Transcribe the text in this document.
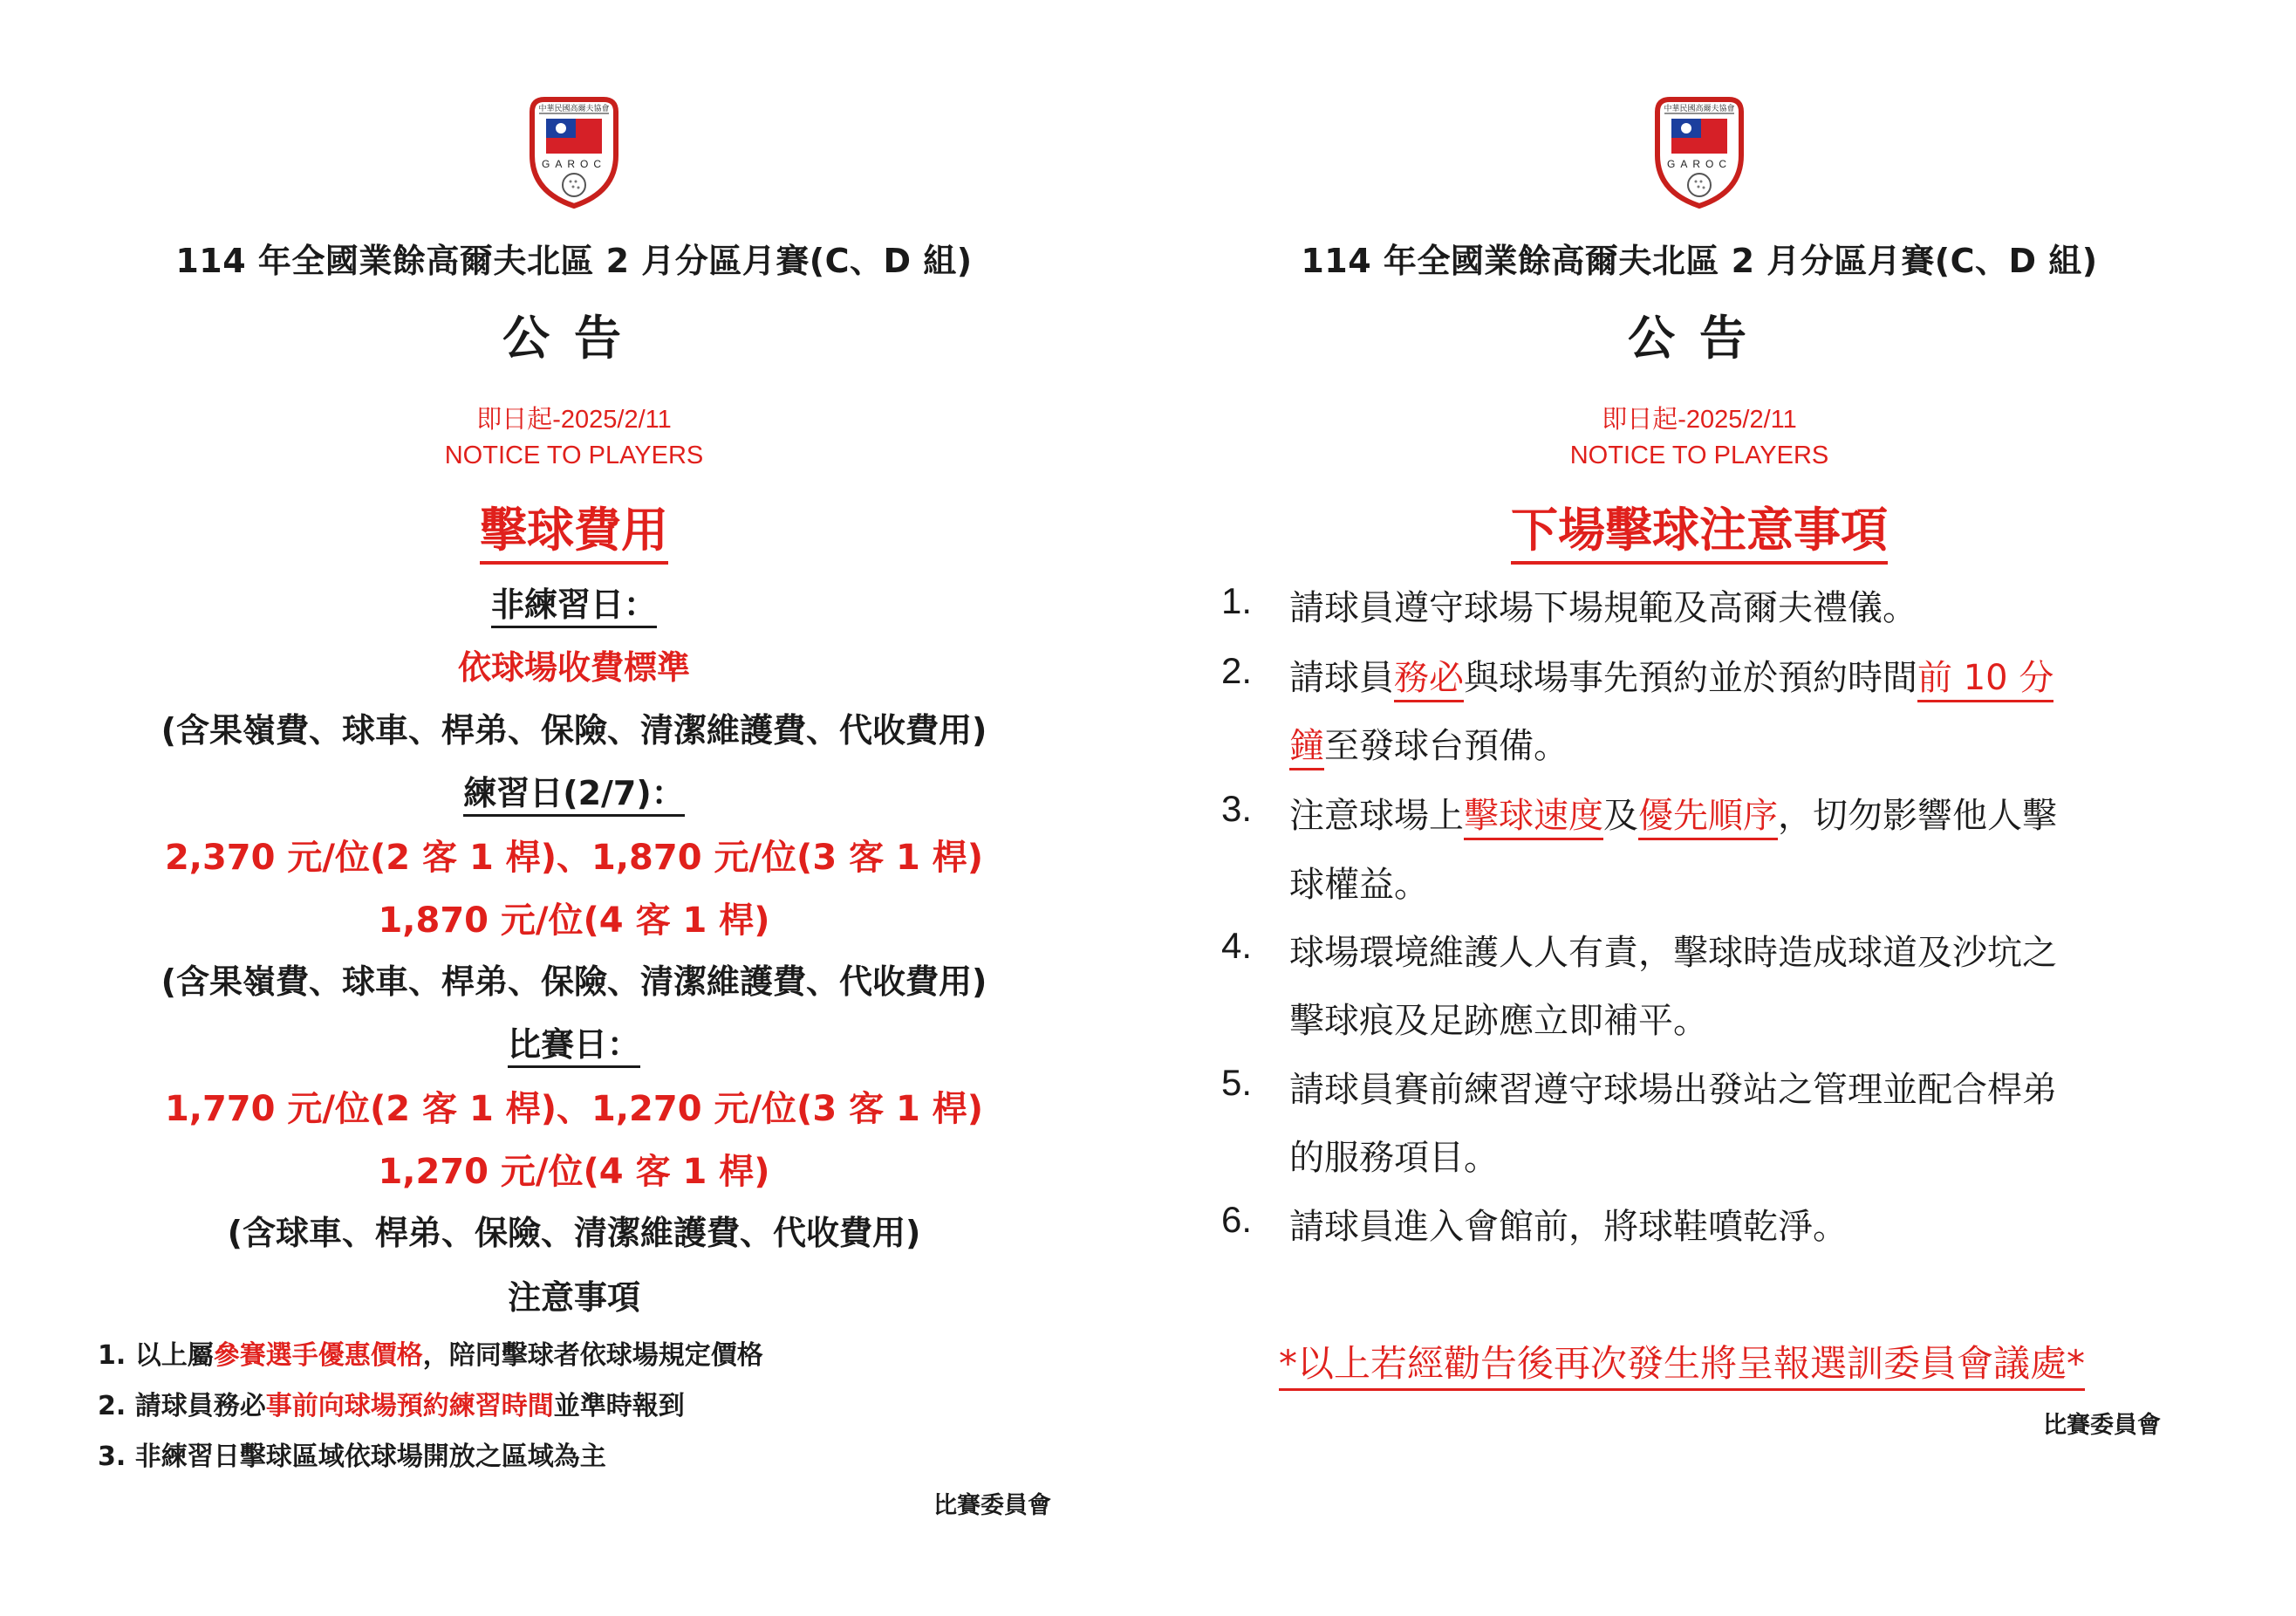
中華民國高爾夫協會
GAROC
114 年全國業餘高爾夫北區 2 月分區月賽(C、D 組)
公告
即日起-2025/2/11
NOTICE TO PLAYERS
擊球費用
非練習日：
依球場收費標準
(含果嶺費、球車、桿弟、保險、清潔維護費、代收費用)
練習日(2/7)：
2,370 元/位(2 客 1 桿)、1,870 元/位(3 客 1 桿)
1,870 元/位(4 客 1 桿)
(含果嶺費、球車、桿弟、保險、清潔維護費、代收費用)
比賽日：
1,770 元/位(2 客 1 桿)、1,270 元/位(3 客 1 桿)
1,270 元/位(4 客 1 桿)
(含球車、桿弟、保險、清潔維護費、代收費用)
注意事項
1. 以上屬參賽選手優惠價格，陪同擊球者依球場規定價格
2. 請球員務必事前向球場預約練習時間並準時報到
3. 非練習日擊球區域依球場開放之區域為主
比賽委員會
中華民國高爾夫協會
GAROC
114 年全國業餘高爾夫北區 2 月分區月賽(C、D 組)
公告
即日起-2025/2/11
NOTICE TO PLAYERS
下場擊球注意事項
1. 請球員遵守球場下場規範及高爾夫禮儀。
2. 請球員務必與球場事先預約並於預約時間前 10 分
鐘至發球台預備。
3. 注意球場上擊球速度及優先順序，切勿影響他人擊
球權益。
4. 球場環境維護人人有責，擊球時造成球道及沙坑之
擊球痕及足跡應立即補平。
5. 請球員賽前練習遵守球場出發站之管理並配合桿弟
的服務項目。
6. 請球員進入會館前，將球鞋噴乾淨。
*以上若經勸告後再次發生將呈報選訓委員會議處*
比賽委員會
